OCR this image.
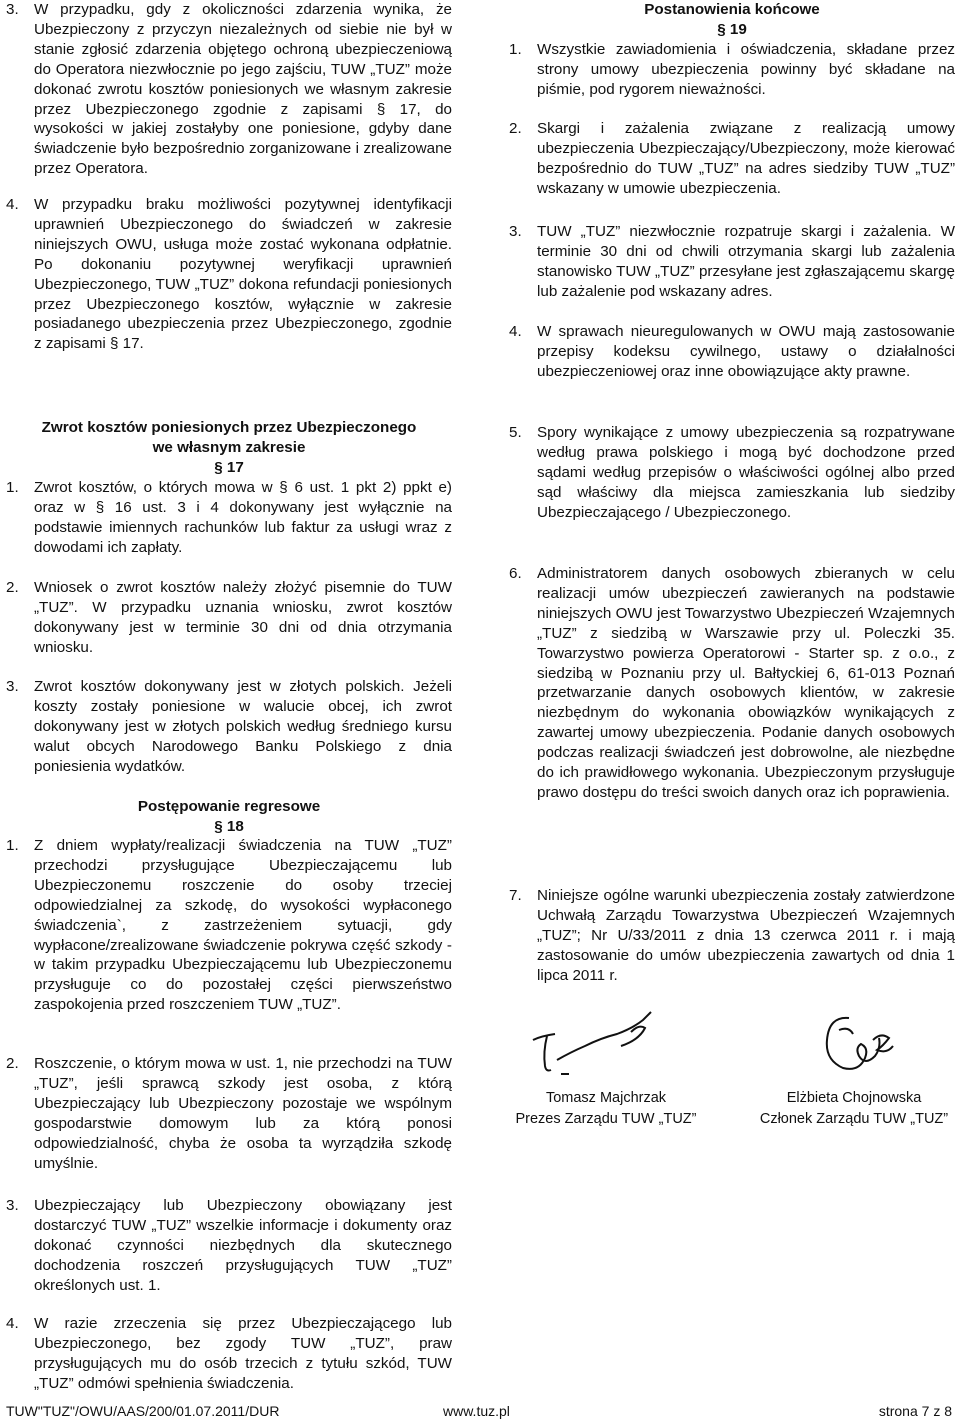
3.	W przypadku, gdy z okoliczności zdarzenia wynika, że Ubezpieczony z przyczyn niezależnych od siebie nie był w stanie zgłosić zdarzenia objętego ochroną ubezpieczeniową do Operatora niezwłocznie po jego zajściu, TUW „TUZ” może dokonać zwrotu kosztów poniesionych we własnym zakresie przez Ubezpieczonego zgodnie z zapisami § 17, do wysokości w jakiej zostałyby one poniesione, gdyby dane świadczenie było bezpośrednio zorganizowane i zrealizowane przez Operatora.
4.	W przypadku braku możliwości pozytywnej identyfikacji uprawnień Ubezpieczonego do świadczeń w zakresie niniejszych OWU, usługa może zostać wykonana odpłatnie. Po dokonaniu pozytywnej weryfikacji uprawnień Ubezpieczonego, TUW „TUZ” dokona refundacji poniesionych przez Ubezpieczonego kosztów, wyłącznie w zakresie posiadanego ubezpieczenia przez Ubezpieczonego, zgodnie z zapisami § 17.
Zwrot kosztów poniesionych przez Ubezpieczonego
we własnym zakresie
§ 17
1.	Zwrot kosztów, o których mowa w § 6 ust. 1 pkt 2) ppkt e) oraz w § 16 ust. 3 i 4 dokonywany jest wyłącznie na podstawie imiennych rachunków lub faktur za usługi wraz z dowodami ich zapłaty.
2.	Wniosek o zwrot kosztów należy złożyć pisemnie do TUW „TUZ”. W przypadku uznania wniosku, zwrot kosztów dokonywany jest w terminie 30 dni od dnia otrzymania wniosku.
3.	Zwrot kosztów dokonywany jest w złotych polskich. Jeżeli koszty zostały poniesione w walucie obcej, ich zwrot dokonywany jest w złotych polskich według średniego kursu walut obcych Narodowego Banku Polskiego z dnia poniesienia wydatków.
Postępowanie regresowe
§ 18
1.	Z dniem wypłaty/realizacji świadczenia na TUW „TUZ” przechodzi przysługujące Ubezpieczającemu lub Ubezpieczonemu roszczenie do osoby trzeciej odpowiedzialnej za szkodę, do wysokości wypłaconego świadczenia`, z zastrzeżeniem sytuacji, gdy wypłacone/zrealizowane świadczenie pokrywa część szkody - w takim przypadku Ubezpieczającemu lub Ubezpieczonemu przysługuje co do pozostałej części pierwszeństwo zaspokojenia przed roszczeniem TUW „TUZ”.
2.	Roszczenie, o którym mowa w ust. 1, nie przechodzi na TUW „TUZ”, jeśli sprawcą szkody jest osoba, z którą Ubezpieczający lub Ubezpieczony pozostaje we wspólnym gospodarstwie domowym lub za którą ponosi odpowiedzialność, chyba że osoba ta wyrządziła szkodę umyślnie.
3.	Ubezpieczający lub Ubezpieczony obowiązany jest dostarczyć TUW „TUZ” wszelkie informacje i dokumenty oraz dokonać czynności niezbędnych dla skutecznego dochodzenia roszczeń przysługujących TUW „TUZ” określonych ust. 1.
4.	W razie zrzeczenia się przez Ubezpieczającego lub Ubezpieczonego, bez zgody TUW „TUZ”, praw przysługujących mu do osób trzecich z tytułu szkód, TUW „TUZ” odmówi spełnienia świadczenia.
Postanowienia końcowe
§ 19
1.	Wszystkie zawiadomienia i oświadczenia, składane przez strony umowy ubezpieczenia powinny być składane na piśmie, pod rygorem nieważności.
2.	Skargi i zażalenia związane z realizacją umowy ubezpieczenia Ubezpieczający/Ubezpieczony, może kierować bezpośrednio do TUW „TUZ” na adres siedziby TUW „TUZ” wskazany w umowie ubezpieczenia.
3.	TUW „TUZ” niezwłocznie rozpatruje skargi i zażalenia. W terminie 30 dni od chwili otrzymania skargi lub zażalenia stanowisko TUW „TUZ” przesyłane jest zgłaszającemu skargę lub zażalenie pod wskazany adres.
4.	W sprawach nieuregulowanych w OWU mają zastosowanie przepisy kodeksu cywilnego, ustawy o działalności ubezpieczeniowej oraz inne obowiązujące akty prawne.
5.	Spory wynikające z umowy ubezpieczenia są rozpatrywane według prawa polskiego i mogą być dochodzone przed sądami według przepisów o właściwości ogólnej albo przed sąd właściwy dla miejsca zamieszkania lub siedziby Ubezpieczającego / Ubezpieczonego.
6.	Administratorem danych osobowych zbieranych w celu realizacji umów ubezpieczeń zawieranych na podstawie niniejszych OWU jest Towarzystwo Ubezpieczeń Wzajemnych „TUZ” z siedzibą w Warszawie przy ul. Poleczki 35. Towarzystwo powierza Operatorowi - Starter sp. z o.o., z siedzibą w Poznaniu przy ul. Bałtyckiej 6, 61-013 Poznań przetwarzanie danych osobowych klientów, w zakresie niezbędnym do wykonania obowiązków wynikających z zawartej umowy ubezpieczenia. Podanie danych osobowych podczas realizacji świadczeń jest dobrowolne, ale niezbędne do ich prawidłowego wykonania. Ubezpieczonym przysługuje prawo dostępu do treści swoich danych oraz ich poprawienia.
7.	Niniejsze ogólne warunki ubezpieczenia zostały zatwierdzone Uchwałą Zarządu Towarzystwa Ubezpieczeń Wzajemnych „TUZ”; Nr U/33/2011 z dnia 13 czerwca 2011 r. i mają zastosowanie do umów ubezpieczenia zawartych od dnia 1 lipca 2011 r.
Tomasz Majchrzak
Prezes Zarządu TUW „TUZ”
Elżbieta Chojnowska
Członek Zarządu TUW „TUZ”
TUW"TUZ"/OWU/AAS/200/01.07.2011/DUR	www.tuz.pl	strona 7 z 8
